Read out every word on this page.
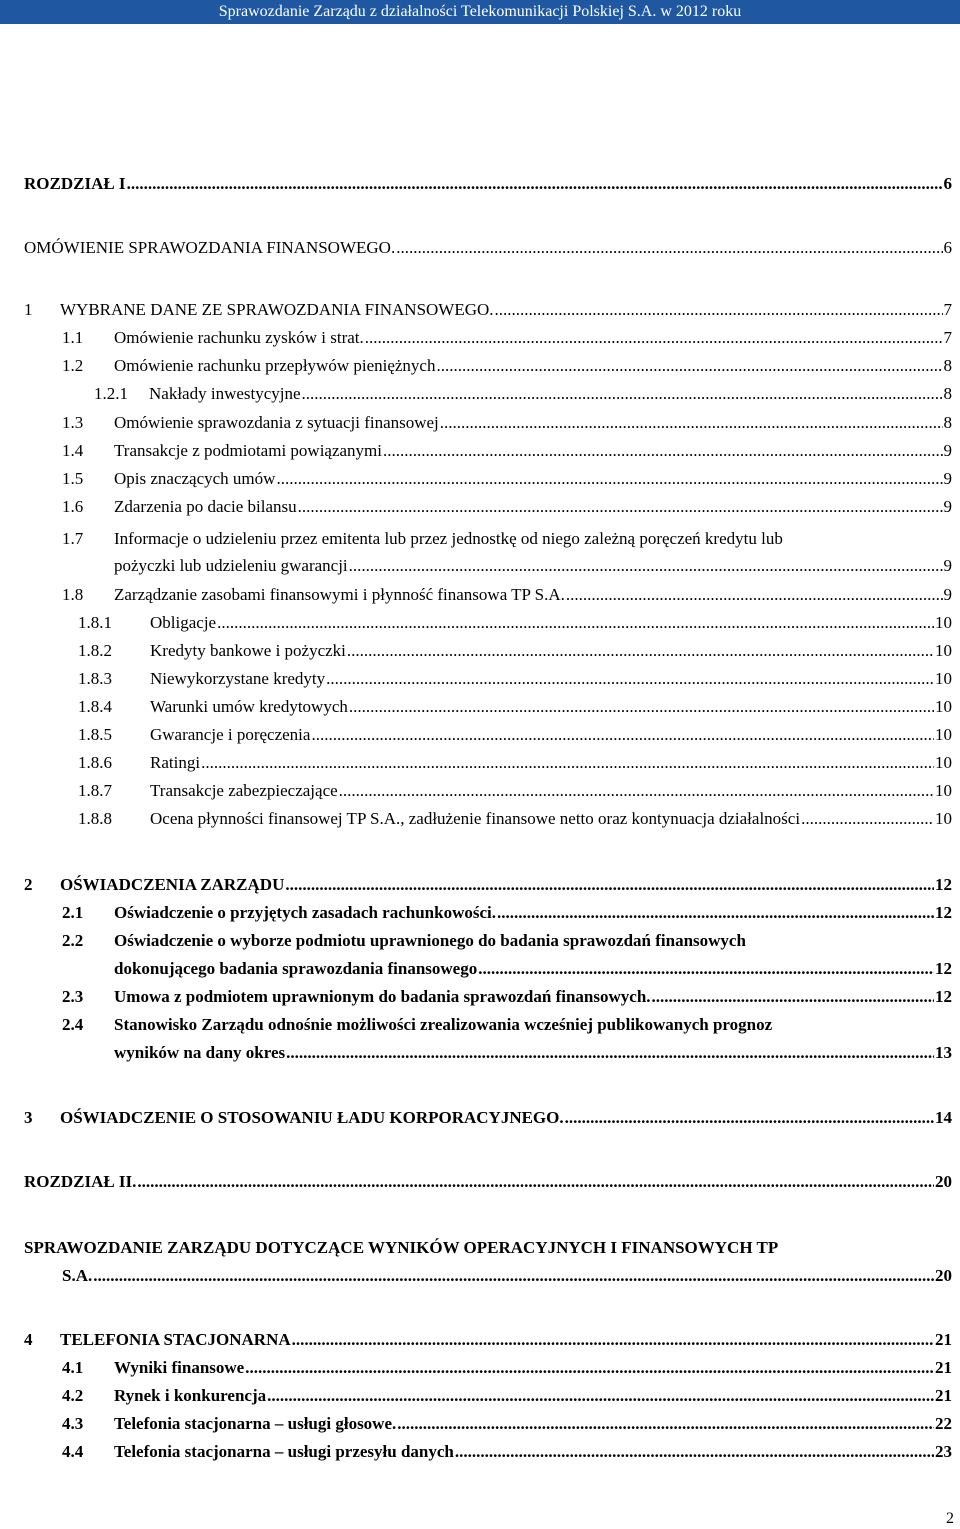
Sprawozdanie Zarządu z działalności Telekomunikacji Polskiej S.A. w 2012 roku
ROZDZIAŁ I .....	6
OMÓWIENIE SPRAWOZDANIA FINANSOWEGO. .....	6
1	WYBRANE DANE ZE SPRAWOZDANIA FINANSOWEGO. .....	7
1.1	Omówienie rachunku zysków i strat. .....	7
1.2	Omówienie rachunku przepływów pieniężnych .....	8
1.2.1	Nakłady inwestycyjne .....	8
1.3	Omówienie sprawozdania z sytuacji finansowej .....	8
1.4	Transakcje z podmiotami powiązanymi .....	9
1.5	Opis znaczących umów .....	9
1.6	Zdarzenia po dacie bilansu .....	9
1.7 Informacje o udzieleniu przez emitenta lub przez jednostkę od niego zależną poręczeń kredytu lub
pożyczki lub udzieleniu gwarancji .....	9
1.8	Zarządzanie zasobami finansowymi i płynność finansowa TP S.A. .....	9
1.8.1	Obligacje .....	10
1.8.2	Kredyty bankowe i pożyczki .....	10
1.8.3	Niewykorzystane kredyty .....	10
1.8.4	Warunki umów kredytowych .....	10
1.8.5	Gwarancje i poręczenia .....	10
1.8.6	Ratingi .....	10
1.8.7	Transakcje zabezpieczające .....	10
1.8.8	Ocena płynności finansowej TP S.A., zadłużenie finansowe netto oraz kontynuacja działalności .....	10
2	OŚWIADCZENIA ZARZĄDU .....	12
2.1	Oświadczenie o przyjętych zasadach rachunkowości. .....	12
2.2 Oświadczenie o wyborze podmiotu uprawnionego do badania sprawozdań finansowych
dokonującego badania sprawozdania finansowego .....	12
2.3	Umowa z podmiotem uprawnionym do badania sprawozdań finansowych. .....	12
2.4 Stanowisko Zarządu odnośnie możliwości zrealizowania wcześniej publikowanych prognoz
wyników na dany okres .....	13
3	OŚWIADCZENIE O STOSOWANIU ŁADU KORPORACYJNEGO. .....	14
ROZDZIAŁ II. .....	20
SPRAWOZDANIE ZARZĄDU DOTYCZĄCE WYNIKÓW OPERACYJNYCH I FINANSOWYCH TP
S.A. .....	20
4	TELEFONIA STACJONARNA .....	21
4.1	Wyniki finansowe .....	21
4.2	Rynek i konkurencja .....	21
4.3	Telefonia stacjonarna – usługi głosowe. .....	22
4.4	Telefonia stacjonarna – usługi przesyłu danych .....	23
2
